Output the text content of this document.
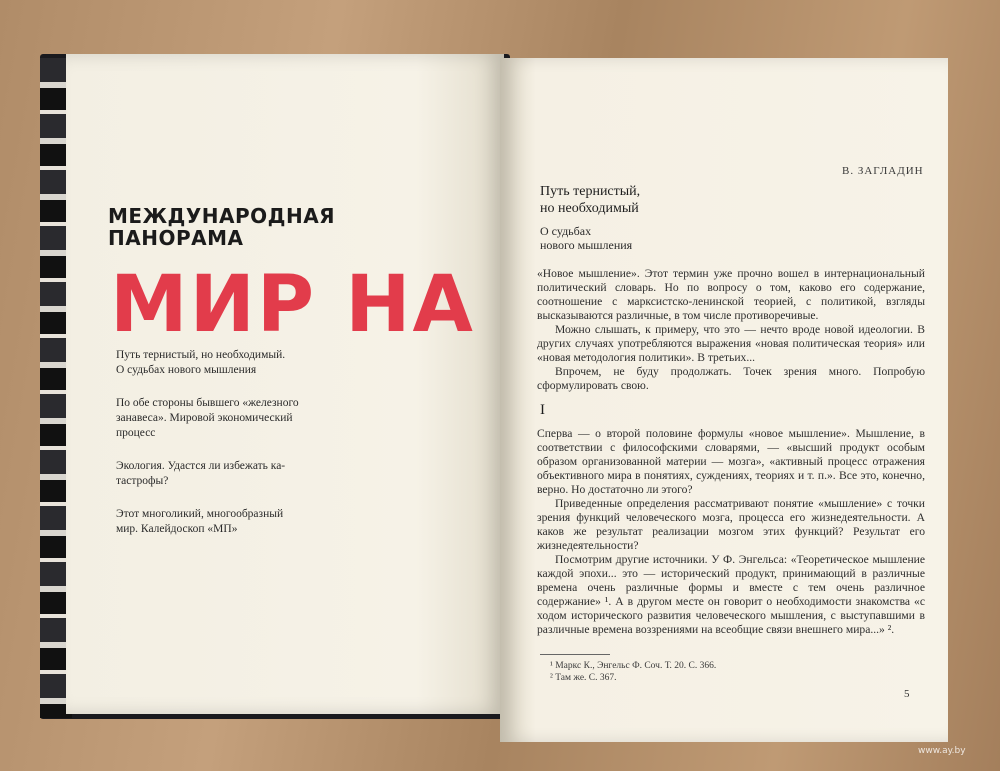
МЕЖДУНАРОДНАЯ ПАНОРАМА
МИР НА
Путь тернистый, но необходимый.
О судьбах нового мышления
По обе стороны бывшего «железного
занавеса». Мировой экономический
процесс
Экология. Удастся ли избежать ка-
тастрофы?
Этот многоликий, многообразный
мир. Калейдоскоп «МП»
В. ЗАГЛАДИН
Путь тернистый,
но необходимый
О судьбах
нового мышления

«Новое мышление». Этот термин уже прочно вошел в интернациональный политический словарь. Но по вопросу о том, каково его содержание, соотношение с марксистско-ленинской теорией, с политикой, взгляды высказываются различные, в том числе противоречивые.

Можно слышать, к примеру, что это — нечто вроде новой идеологии. В других случаях употребляются выражения «новая политическая теория» или «новая методология политики». В третьих...

Впрочем, не буду продолжать. Точек зрения много. Попробую сформулировать свою.

I

Сперва — о второй половине формулы «новое мышление». Мышление, в соответствии с философскими словарями, — «высший продукт особым образом организованной материи — мозга», «активный процесс отражения объективного мира в понятиях, суждениях, теориях и т. п.». Все это, конечно, верно. Но достаточно ли этого?

Приведенные определения рассматривают понятие «мышление» с точки зрения функций человеческого мозга, процесса его жизнедеятельности. А каков же результат реализации мозгом этих функций? Результат его жизнедеятельности?

Посмотрим другие источники. У Ф. Энгельса: «Теоретическое мышление каждой эпохи... это — исторический продукт, принимающий в различные времена очень различные формы и вместе с тем очень различное содержание» ¹. А в другом месте он говорит о необходимости знакомства «с ходом исторического развития человеческого мышления, с выступавшими в различные времена воззрениями на всеобщие связи внешнего мира...» ².

¹ Маркс К., Энгельс Ф. Соч. Т. 20. С. 366.
² Там же. С. 367.
5
www.ay.by
